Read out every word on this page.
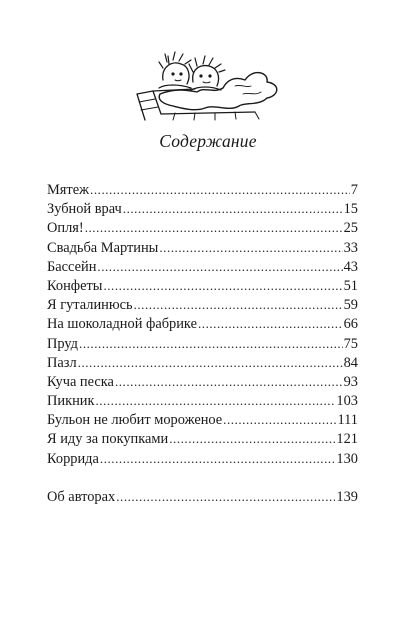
Содержание
Мятеж . . .	7
Зубной врач . . .	15
Опля! . . .	25
Свадьба Мартины . . .	33
Бассейн . . .	43
Конфеты . . .	51
Я гуталинюсь . . .	59
На шоколадной фабрике . . .	66
Пруд . . .	75
Пазл . . .	84
Куча песка . . .	93
Пикник . . .	103
Бульон не любит мороженое . . .	111
Я иду за покупками . . .	121
Коррида . . .	130
Об авторах . . .	139
